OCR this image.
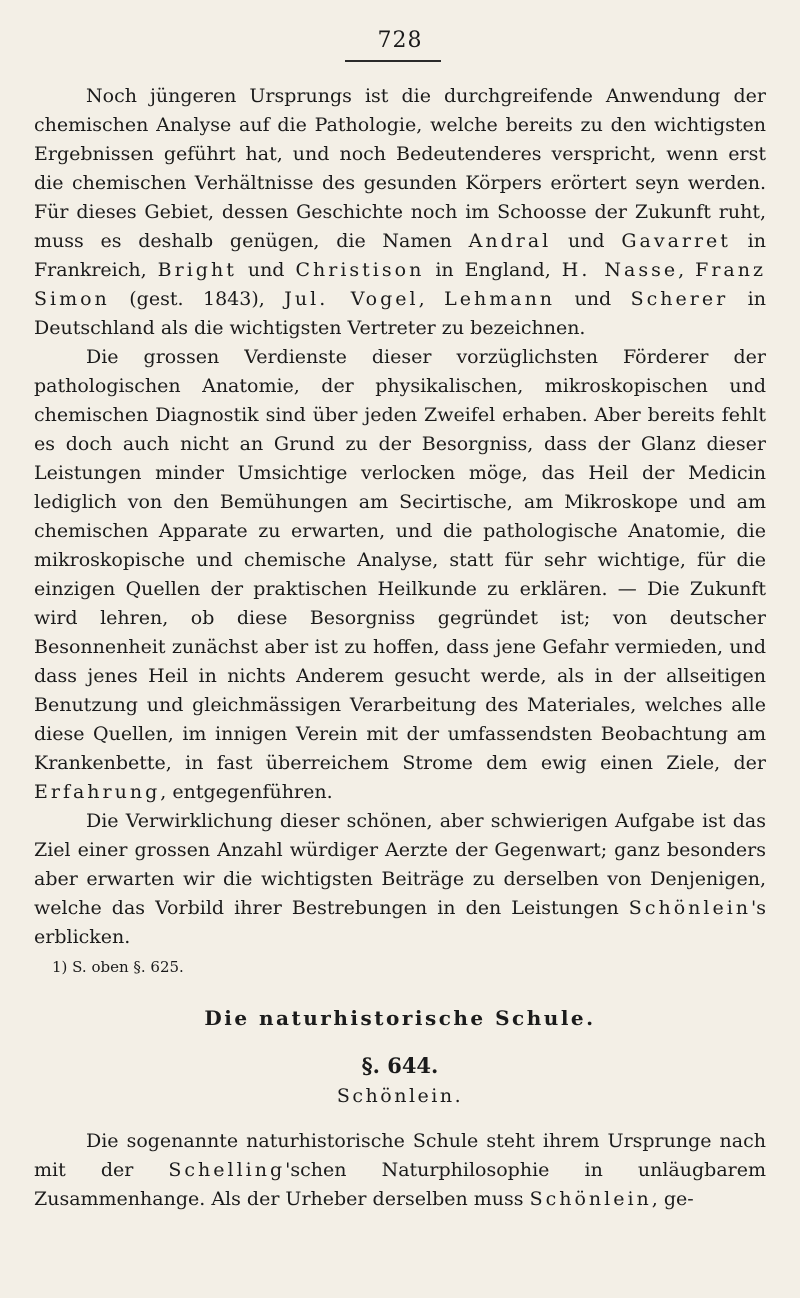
728

Noch jüngeren Ursprungs ist die durchgreifende Anwendung der chemischen Analyse auf die Pathologie, welche bereits zu den wichtigsten Ergebnissen geführt hat, und noch Bedeutenderes verspricht, wenn erst die chemischen Verhältnisse des gesunden Körpers erörtert seyn werden. Für dieses Gebiet, dessen Geschichte noch im Schoosse der Zukunft ruht, muss es deshalb genügen, die Namen Andral und Gavarret in Frankreich, Bright und Christison in England, H. Nasse, Franz Simon (gest. 1843), Jul. Vogel, Lehmann und Scherer in Deutschland als die wichtigsten Vertreter zu bezeichnen.

Die grossen Verdienste dieser vorzüglichsten Förderer der pathologischen Anatomie, der physikalischen, mikroskopischen und chemischen Diagnostik sind über jeden Zweifel erhaben. Aber bereits fehlt es doch auch nicht an Grund zu der Besorgniss, dass der Glanz dieser Leistungen minder Umsichtige verlocken möge, das Heil der Medicin lediglich von den Bemühungen am Secirtische, am Mikroskope und am chemischen Apparate zu erwarten, und die pathologische Anatomie, die mikroskopische und chemische Analyse, statt für sehr wichtige, für die einzigen Quellen der praktischen Heilkunde zu erklären. — Die Zukunft wird lehren, ob diese Besorgniss gegründet ist; von deutscher Besonnenheit zunächst aber ist zu hoffen, dass jene Gefahr vermieden, und dass jenes Heil in nichts Anderem gesucht werde, als in der allseitigen Benutzung und gleichmässigen Verarbeitung des Materiales, welches alle diese Quellen, im innigen Verein mit der umfassendsten Beobachtung am Krankenbette, in fast überreichem Strome dem ewig einen Ziele, der Erfahrung, entgegenführen.

Die Verwirklichung dieser schönen, aber schwierigen Aufgabe ist das Ziel einer grossen Anzahl würdiger Aerzte der Gegenwart; ganz besonders aber erwarten wir die wichtigsten Beiträge zu derselben von Denjenigen, welche das Vorbild ihrer Bestrebungen in den Leistungen Schönlein's erblicken.

1) S. oben §. 625.

Die naturhistorische Schule.

§. 644.

Schönlein.

Die sogenannte naturhistorische Schule steht ihrem Ursprunge nach mit der Schelling'schen Naturphilosophie in unläugbarem Zusammenhange. Als der Urheber derselben muss Schönlein, ge-
